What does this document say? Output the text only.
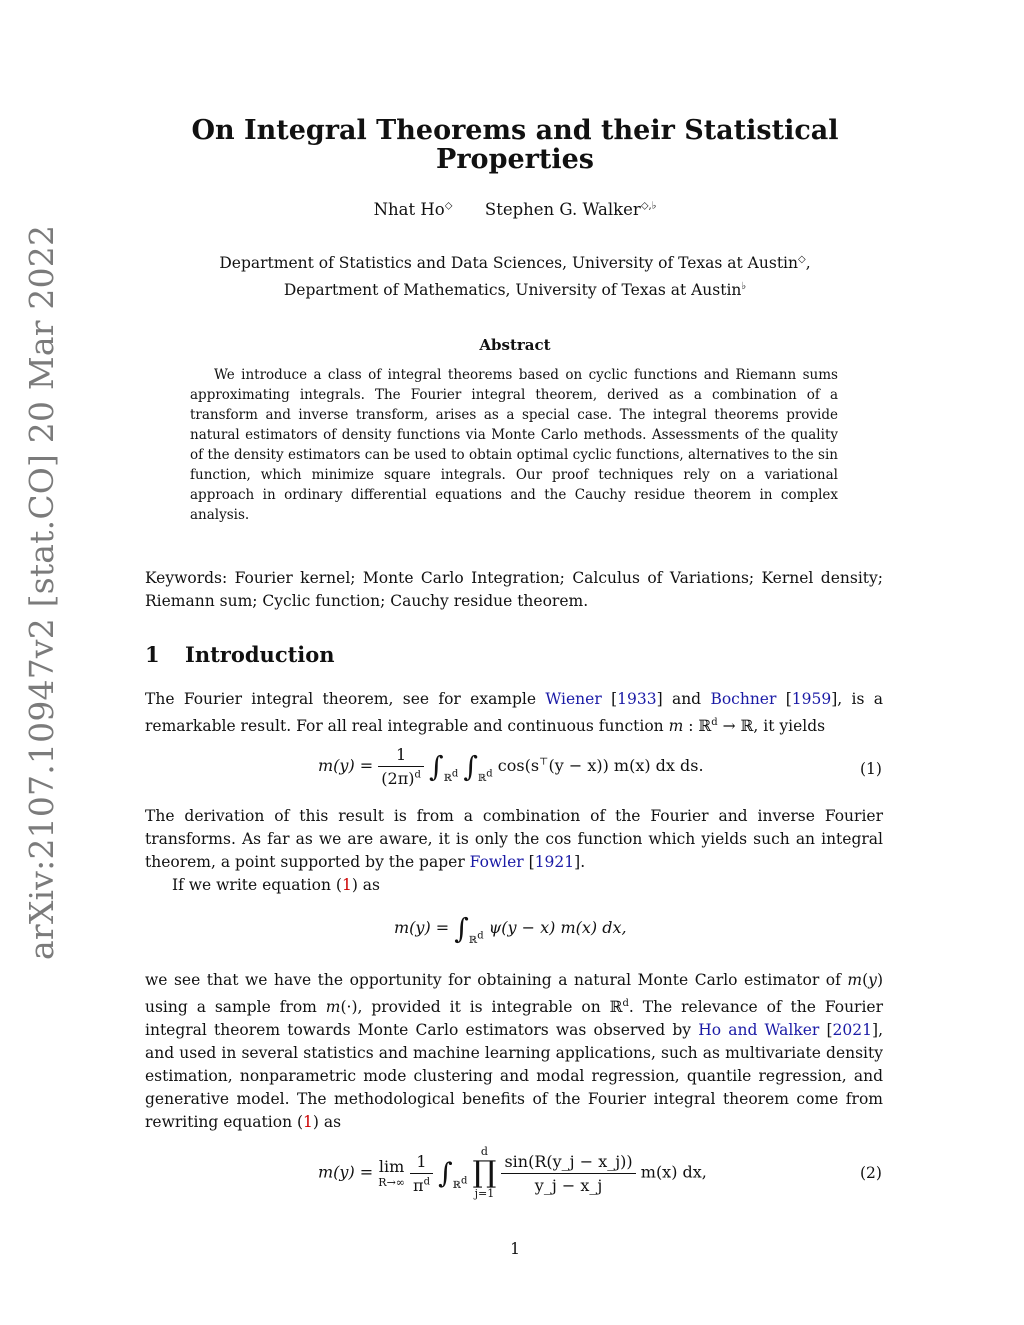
arXiv:2107.10947v2 [stat.CO] 20 Mar 2022
On Integral Theorems and their Statistical Properties
Nhat Ho◇ Stephen G. Walker◇,♭
Department of Statistics and Data Sciences, University of Texas at Austin◇,
Department of Mathematics, University of Texas at Austin♭
Abstract
We introduce a class of integral theorems based on cyclic functions and Riemann sums approximating integrals. The Fourier integral theorem, derived as a combination of a transform and inverse transform, arises as a special case. The integral theorems provide natural estimators of density functions via Monte Carlo methods. Assessments of the quality of the density estimators can be used to obtain optimal cyclic functions, alternatives to the sin function, which minimize square integrals. Our proof techniques rely on a variational approach in ordinary differential equations and the Cauchy residue theorem in complex analysis.
Keywords: Fourier kernel; Monte Carlo Integration; Calculus of Variations; Kernel density; Riemann sum; Cyclic function; Cauchy residue theorem.
1 Introduction
The Fourier integral theorem, see for example Wiener [1933] and Bochner [1959], is a remarkable result. For all real integrable and continuous function m : ℝ$^d$ → ℝ, it yields
$m(y) = \frac{1}{(2\pi)^d} \int_{ℝ^d}$ $\int_{ℝ^d}$ cos(s⊤(y − x)) m(x) dx ds.	(1)
The derivation of this result is from a combination of the Fourier and inverse Fourier transforms. As far as we are aware, it is only the cos function which yields such an integral theorem, a point supported by the paper Fowler [1921].
If we write equation (1) as
$m(y) = \int_{ℝ^d}$ ψ(y − x) m(x) dx,
we see that we have the opportunity for obtaining a natural Monte Carlo estimator of m(y) using a sample from m(·), provided it is integrable on ℝ$^d$. The relevance of the Fourier integral theorem towards Monte Carlo estimators was observed by Ho and Walker [2021], and used in several statistics and machine learning applications, such as multivariate density estimation, nonparametric mode clustering and modal regression, quantile regression, and generative model. The methodological benefits of the Fourier integral theorem come from rewriting equation (1) as
m(y) = lim
R→∞
$\frac{1}{\pi^d} \int_{ℝ^d}$
d
∏
j=1
$\frac{\sin(R(y\_j - x\_j))}{y\_j - x\_j} m(x)$ dx,	(2)
1
